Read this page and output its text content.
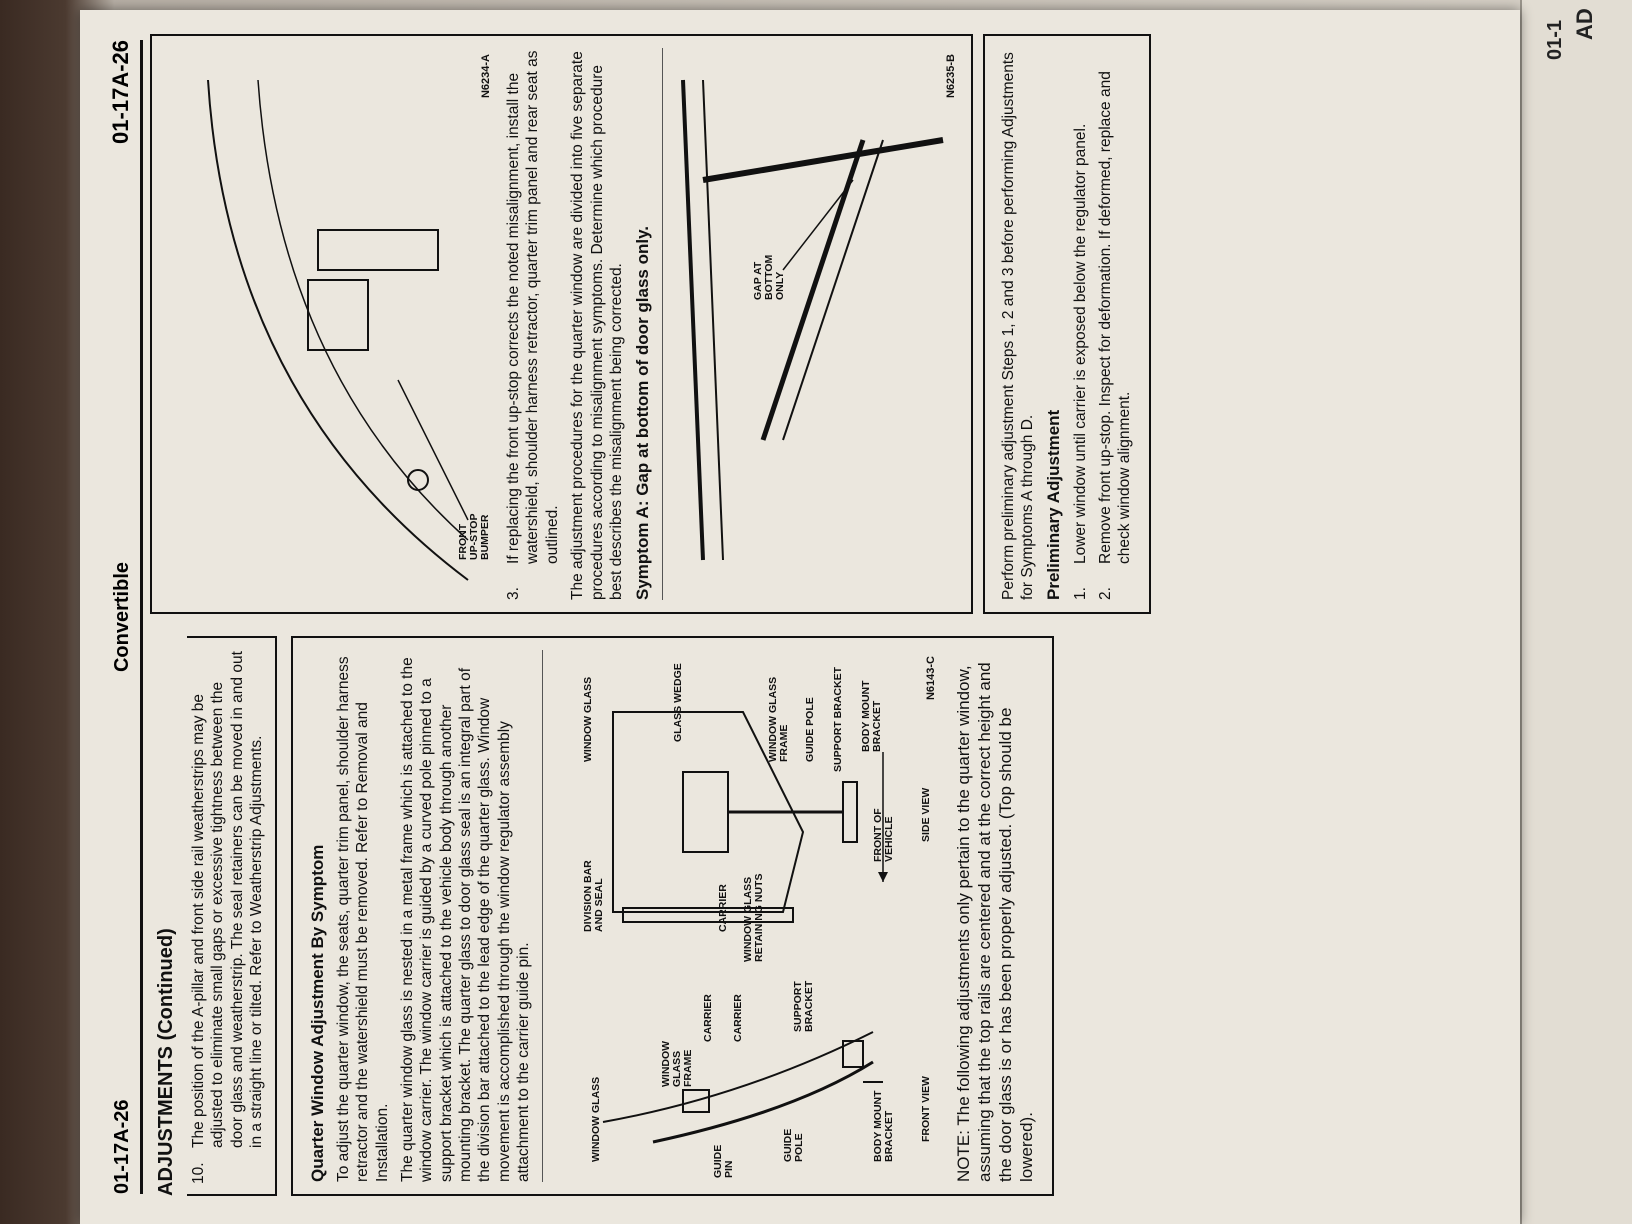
01-1 AD
01-17A-26
Convertible
01-17A-26
ADJUSTMENTS (Continued) 10.
The position of the A-pillar and front side rail weatherstrips may be adjusted to eliminate small gaps or excessive tightness between the door glass and weatherstrip. The seal retainers can be moved in and out in a straight line or tilted. Refer to Weatherstrip Adjustments. Quarter Window Adjustment By Symptom To adjust the quarter window, the seats, quarter trim panel, shoulder harness retractor and the watershield must be removed. Refer to Removal and Installation. The quarter window glass is nested in a metal frame which is attached to the window carrier. The window carrier is guided by a curved pole pinned to a support bracket which is attached to the vehicle body through another mounting bracket. The quarter glass to door glass seal is an integral part of the division bar attached to the lead edge of the quarter glass. Window movement is accomplished through the window regulator assembly attachment to the carrier guide pin.	WINDOW GLASS
WINDOW
GLASS
FRAME
CARRIER CARRIER
GUIDE
PIN
GUIDE
POLE
SUPPORT
BRACKET
BODY MOUNT
BRACKET FRONT VIEW
DIVISION BAR
AND SEAL
WINDOW GLASS	GLASS WEDGE
WINDOW GLASS
RETAINING NUTS
CARRIER
WINDOW GLASS
FRAME GUIDE POLE SUPPORT BRACKET BODY MOUNT
BRACKET
FRONT OF
VEHICLE SIDE VIEW
N6143-C NOTE: The following adjustments only pertain to the quarter window, assuming that the top rails are centered and at the correct height and the door glass is or has been properly adjusted. (Top should be lowered).

FRONT
UP-STOP
BUMPER
N6234-A
3.
If replacing the front up-stop corrects the noted misalignment, install the watershield, shoulder harness retractor, quarter trim panel and rear seat as outlined. The adjustment procedures for the quarter window are divided into five separate procedures according to misalignment symptoms. Determine which procedure best describes the misalignment being corrected. Symptom A: Gap at bottom of door glass only.	GAP AT
BOTTOM
ONLY
N6235-B	Perform preliminary adjustment Steps 1, 2 and 3 before performing Adjustments for Symptoms A through D. Preliminary Adjustment 1.
Lower window until carrier is exposed below the regulator panel.
2.
Remove front up-stop. Inspect for deformation. If deformed, replace and check window alignment.
